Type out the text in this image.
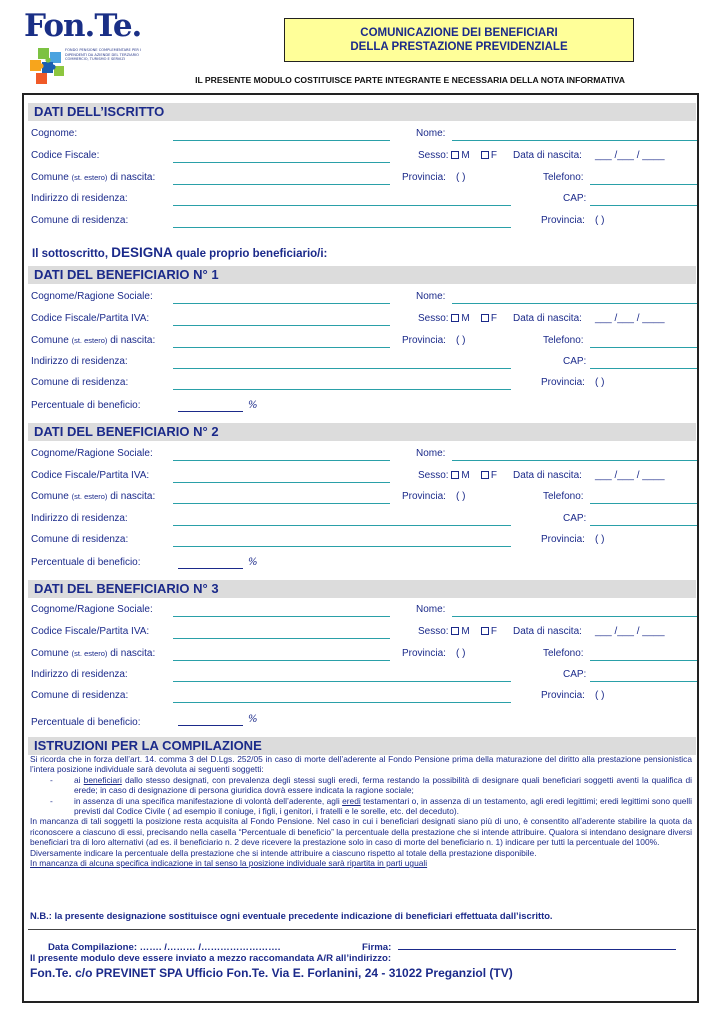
Fon.Te.
FONDO PENSIONE COMPLEMENTARE PER I DIPENDENTI DA AZIENDE DEL TERZIARIO COMMERCIO, TURISMO E SERVIZI
COMUNICAZIONE DEI BENEFICIARI
DELLA PRESTAZIONE PREVIDENZIALE
IL PRESENTE MODULO COSTITUISCE PARTE INTEGRANTE E NECESSARIA DELLA NOTA INFORMATIVA
DATI DELL’ISCRITTO
Cognome:	Nome:
Codice Fiscale:	Sesso: M F Data di nascita: ___ /___ / ____
Comune (st. estero) di nascita:	Provincia: ( )	Telefono:
Indirizzo di residenza:	CAP:
Comune di residenza:	Provincia: ( )
Il sottoscritto, DESIGNA quale proprio beneficiario/i:
DATI DEL BENEFICIARIO N° 1
Cognome/Ragione Sociale:	Nome:
Codice Fiscale/Partita IVA:	Sesso: M F Data di nascita: ___ /___ / ____
Comune (st. estero) di nascita:	Provincia: ( )	Telefono:
Indirizzo di residenza:	CAP:
Comune di residenza:	Provincia: ( )
Percentuale di beneficio:	%
DATI DEL BENEFICIARIO N° 2
Cognome/Ragione Sociale:	Nome:
Codice Fiscale/Partita IVA:	Sesso: M F Data di nascita: ___ /___ / ____
Comune (st. estero) di nascita:	Provincia: ( )	Telefono:
Indirizzo di residenza:	CAP:
Comune di residenza:	Provincia: ( )
Percentuale di beneficio:	%
DATI DEL BENEFICIARIO N° 3
Cognome/Ragione Sociale:	Nome:
Codice Fiscale/Partita IVA:	Sesso: M F Data di nascita: ___ /___ / ____
Comune (st. estero) di nascita:	Provincia: ( )	Telefono:
Indirizzo di residenza:	CAP:
Comune di residenza:	Provincia: ( )
Percentuale di beneficio:	%
ISTRUZIONI PER LA COMPILAZIONE

Si ricorda che in forza dell’art. 14. comma 3 del D.Lgs. 252/05 in caso di morte dell’aderente al Fondo Pensione prima della maturazione del diritto alla prestazione pensionistica l’intera posizione individuale sarà devoluta ai seguenti soggetti:

-	ai beneficiari dallo stesso designati, con prevalenza degli stessi sugli eredi, ferma restando la possibilità di designare quali beneficiari soggetti aventi la qualifica di erede; in caso di designazione di persona giuridica dovrà essere indicata la ragione sociale;

-	in assenza di una specifica manifestazione di volontà dell’aderente, agli eredi testamentari o, in assenza di un testamento, agli eredi legittimi; eredi legittimi sono quelli previsti dal Codice Civile ( ad esempio il coniuge, i figli, i genitori, i fratelli e le sorelle, etc. del deceduto).

In mancanza di tali soggetti la posizione resta acquisita al Fondo Pensione. Nel caso in cui i beneficiari designati siano più di uno, è consentito all’aderente stabilire la quota da riconoscere a ciascuno di essi, precisando nella casella “Percentuale di beneficio” la percentuale della prestazione che si intende attribuire. Qualora si intendano designare diversi beneficiari tra di loro alternativi (ad es. il beneficiario n. 2 deve ricevere la prestazione solo in caso di morte del beneficiario n. 1) indicare per tutti la percentuale del 100%.

Diversamente indicare la percentuale della prestazione che si intende attribuire a ciascuno rispetto al totale della prestazione disponibile.

In mancanza di alcuna specifica indicazione in tal senso la posizione individuale sarà ripartita in parti uguali

N.B.: la presente designazione sostituisce ogni eventuale precedente indicazione di beneficiari effettuata dall’iscritto.
Data Compilazione: ……. /……… /…………………….	Firma:
Il presente modulo deve essere inviato a mezzo raccomandata A/R all’indirizzo:
Fon.Te. c/o PREVINET SPA Ufficio Fon.Te. Via E. Forlanini, 24 - 31022 Preganziol (TV)
